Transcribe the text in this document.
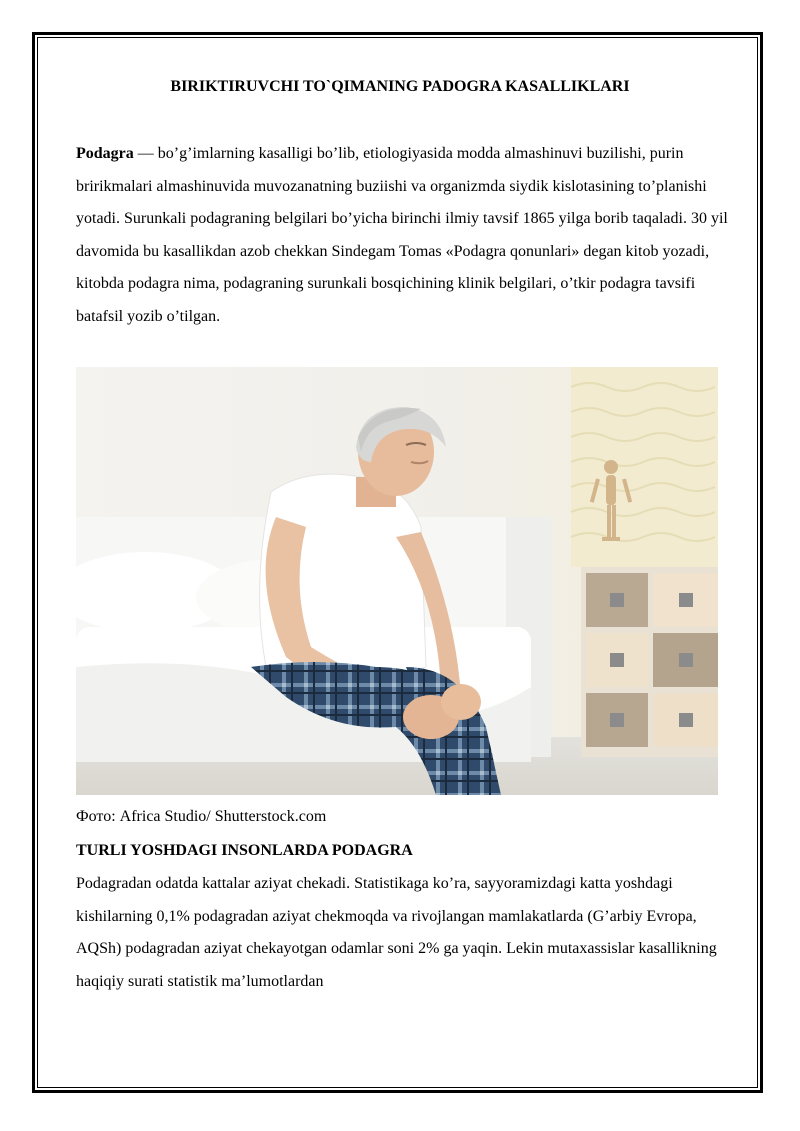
BIRIKTIRUVCHI TO`QIMANING PADOGRA KASALLIKLARI

Podagra — bo’g’imlarning kasalligi bo’lib, etiologiyasida modda almashinuvi buzilishi, purin bririkmalari almashinuvida muvozanatning buziishi va organizmda siydik kislotasining to’planishi yotadi. Surunkali podagraning belgilari bo’yicha birinchi ilmiy tavsif 1865 yilga borib taqaladi. 30 yil davomida bu kasallikdan azob chekkan Sindegam Tomas «Podagra qonunlari» degan kitob yozadi, kitobda podagra nima, podagraning surunkali bosqichining klinik belgilari, o’tkir podagra tavsifi batafsil yozib o’tilgan.

Фото: Africa Studio/ Shutterstock.com

TURLI YOSHDAGI INSONLARDA PODAGRA

Podagradan odatda kattalar aziyat chekadi. Statistikaga ko’ra, sayyoramizdagi katta yoshdagi kishilarning 0,1% podagradan aziyat chekmoqda va rivojlangan mamlakatlarda (G’arbiy Evropa, AQSh) podagradan aziyat chekayotgan odamlar soni 2% ga yaqin. Lekin mutaxassislar kasallikning haqiqiy surati statistik ma’lumotlardan
